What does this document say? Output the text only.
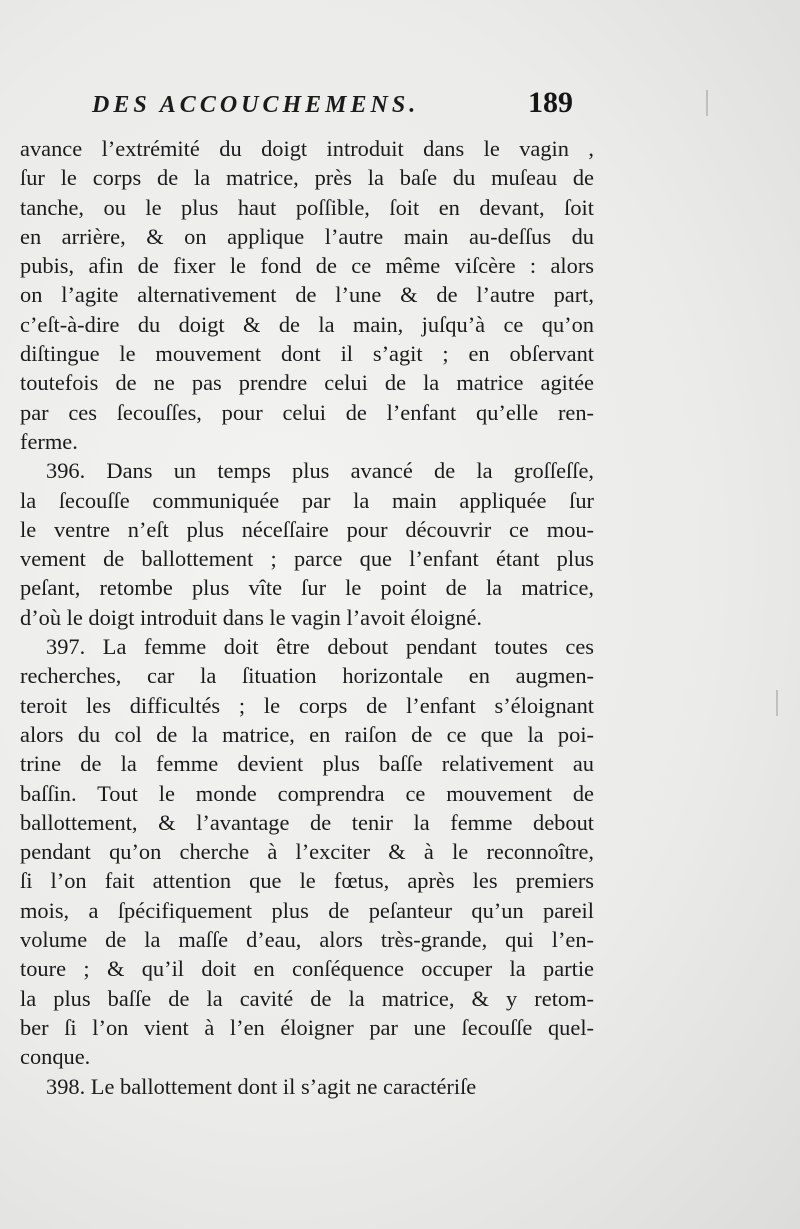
DES ACCOUCHEMENS.	189
avance l’extrémité du doigt introduit dans le vagin ,
ſur le corps de la matrice, près la baſe du muſeau de
tanche, ou le plus haut poſſible, ſoit en devant, ſoit
en arrière, & on applique l’autre main au-deſſus du
pubis, afin de fixer le fond de ce même viſcère : alors
on l’agite alternativement de l’une & de l’autre part,
c’eſt-à-dire du doigt & de la main, juſqu’à ce qu’on
diſtingue le mouvement dont il s’agit ; en obſervant
toutefois de ne pas prendre celui de la matrice agitée
par ces ſecouſſes, pour celui de l’enfant qu’elle ren-
ferme.
396. Dans un temps plus avancé de la groſſeſſe,
la ſecouſſe communiquée par la main appliquée ſur
le ventre n’eſt plus néceſſaire pour découvrir ce mou-
vement de ballottement ; parce que l’enfant étant plus
peſant, retombe plus vîte ſur le point de la matrice,
d’où le doigt introduit dans le vagin l’avoit éloigné.
397. La femme doit être debout pendant toutes ces
recherches, car la ſituation horizontale en augmen-
teroit les difficultés ; le corps de l’enfant s’éloignant
alors du col de la matrice, en raiſon de ce que la poi-
trine de la femme devient plus baſſe relativement au
baſſin. Tout le monde comprendra ce mouvement de
ballottement, & l’avantage de tenir la femme debout
pendant qu’on cherche à l’exciter & à le reconnoître,
ſi l’on fait attention que le fœtus, après les premiers
mois, a ſpécifiquement plus de peſanteur qu’un pareil
volume de la maſſe d’eau, alors très-grande, qui l’en-
toure ; & qu’il doit en conſéquence occuper la partie
la plus baſſe de la cavité de la matrice, & y retom-
ber ſi l’on vient à l’en éloigner par une ſecouſſe quel-
conque.
398. Le ballottement dont il s’agit ne caractériſe
